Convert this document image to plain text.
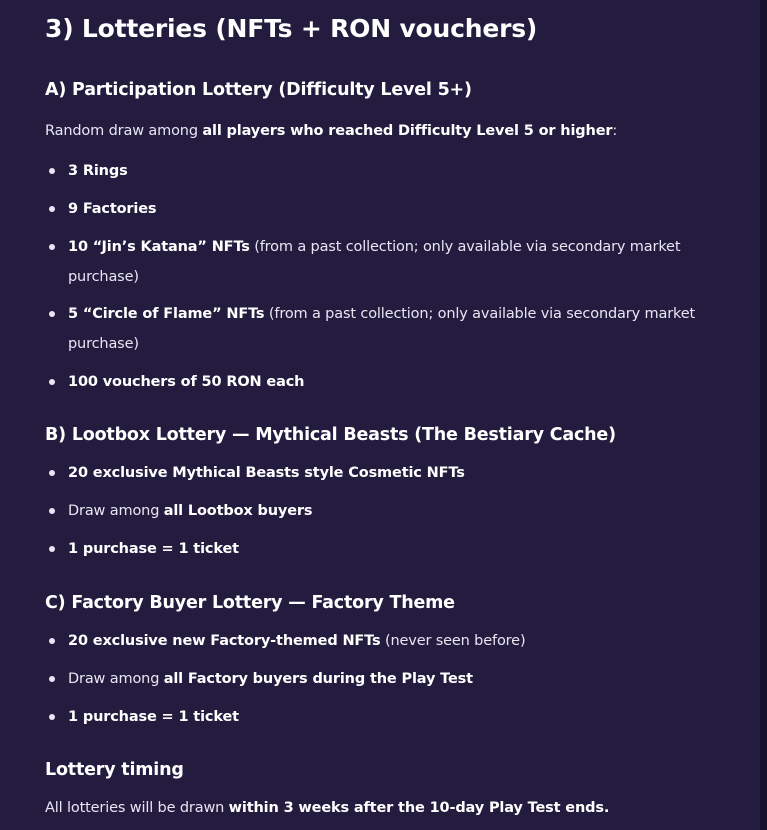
3) Lotteries (NFTs + RON vouchers)
A) Participation Lottery (Difficulty Level 5+)

Random draw among all players who reached Difficulty Level 5 or higher:

3 Rings
9 Factories
10 “Jin’s Katana” NFTs (from a past collection; only available via secondary market purchase)
5 “Circle of Flame” NFTs (from a past collection; only available via secondary market purchase)
100 vouchers of 50 RON each
B) Lootbox Lottery — Mythical Beasts (The Bestiary Cache)
20 exclusive Mythical Beasts style Cosmetic NFTs
Draw among all Lootbox buyers
1 purchase = 1 ticket
C) Factory Buyer Lottery — Factory Theme
20 exclusive new Factory-themed NFTs (never seen before)
Draw among all Factory buyers during the Play Test
1 purchase = 1 ticket
Lottery timing

All lotteries will be drawn within 3 weeks after the 10-day Play Test ends.
